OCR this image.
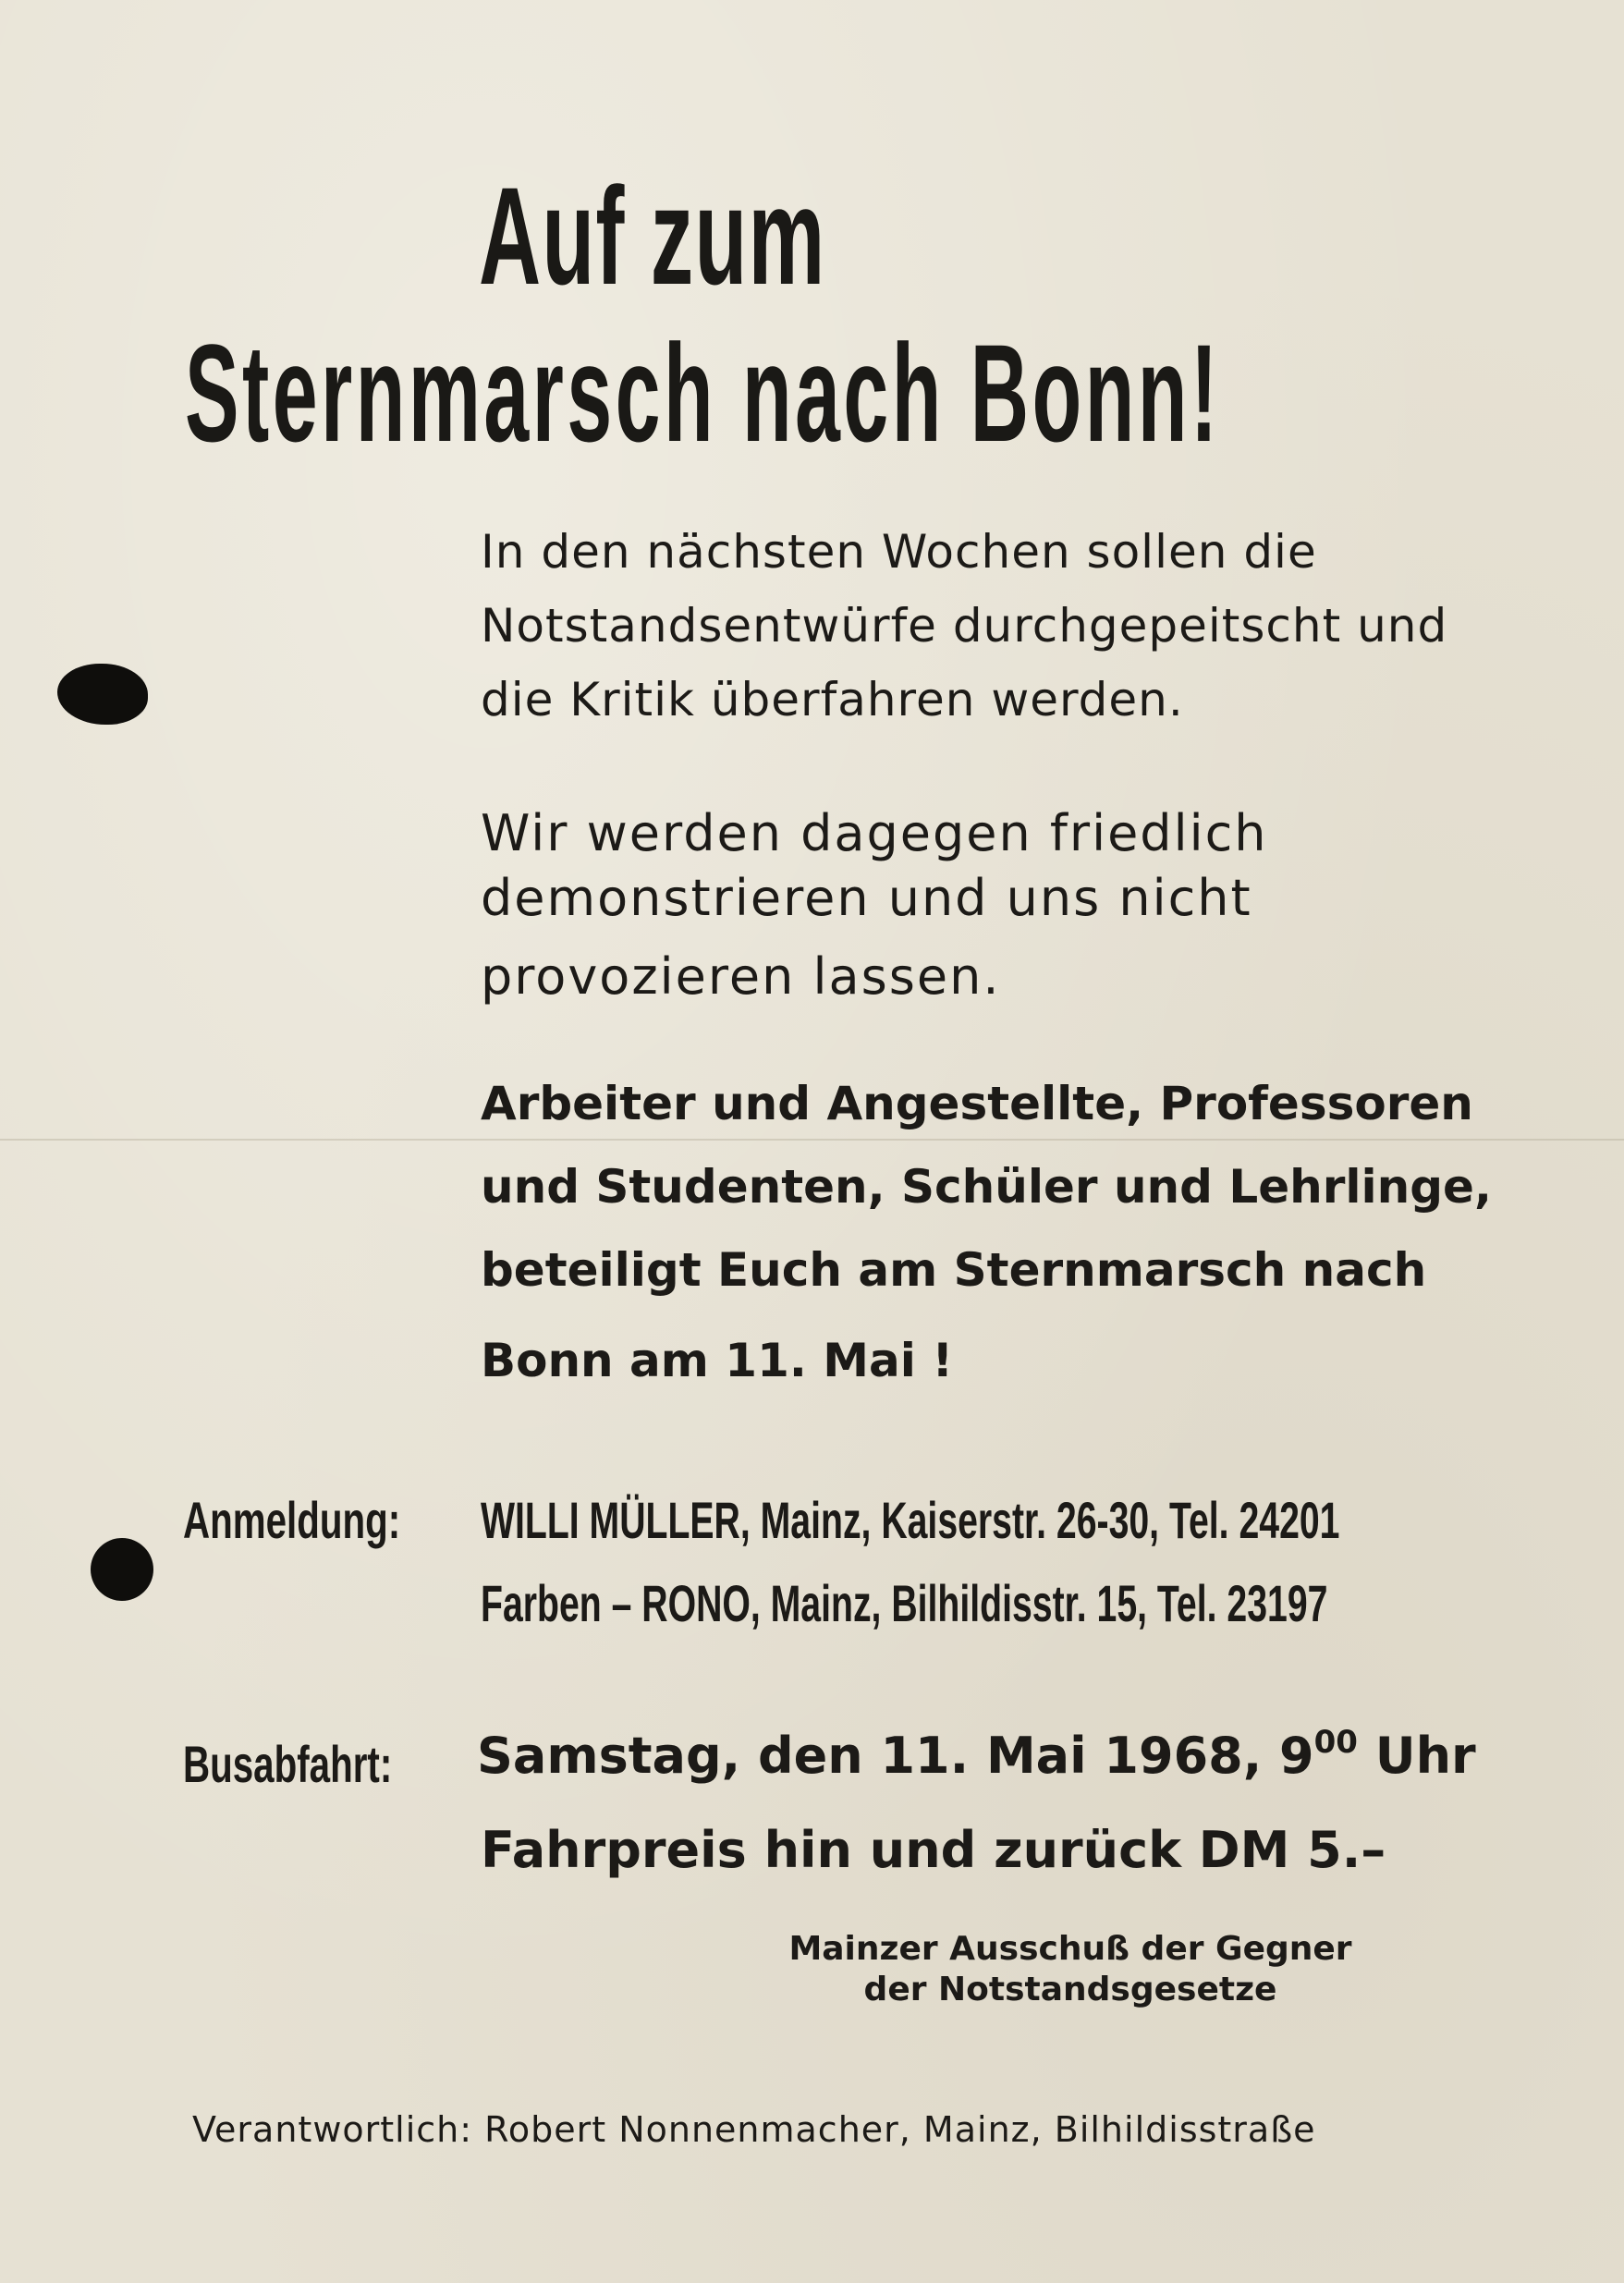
Auf zum
Sternmarsch nach Bonn!
In den nächsten Wochen sollen die
Notstandsentwürfe durchgepeitscht und
die Kritik überfahren werden.
Wir werden dagegen friedlich
demonstrieren und uns nicht
provozieren lassen.
Arbeiter und Angestellte, Professoren
und Studenten, Schüler und Lehrlinge,
beteiligt Euch am Sternmarsch nach
Bonn am 11. Mai !
Anmeldung: WILLI MÜLLER, Mainz, Kaiserstr. 26-30, Tel. 24201
Farben – RONO, Mainz, Bilhildisstr. 15, Tel. 23197
Busabfahrt: Samstag, den 11. Mai 1968, $9^{00}$ Uhr
Fahrpreis hin und zurück DM 5.–
Mainzer Ausschuß der Gegner
der Notstandsgesetze
Verantwortlich: Robert Nonnenmacher, Mainz, Bilhildisstraße
